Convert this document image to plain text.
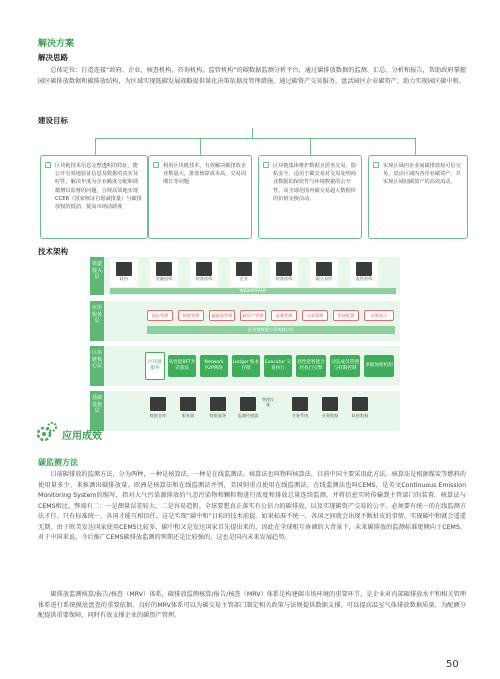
解决方案
解决思路
总体定位：打造连接“政府、企业、核查机构、咨询机构、监管机构”的碳数据监测分析平台，通过碳排放数据的监测、汇总、分析和报告，帮助政府掌握园区碳排放数据和碳排放结构，为区域实现低碳发展战略提供量化决策依据及管理措施，通过碳资产交易服务，盘活园区企业碳资产，助力实现园区碳中和。
建设目标
区块链技术信息完整透明的特征，能公开有效地验证信息及数据的真实及时性，解决年度为企业额度分配和调微增以监督的问题，合规高效地实现CCER（国家核证自愿减排量）与碳排放权的抵消，提高市场活跃度
利用区块链技术，有效解决碳排放企业数量大，排放核算成本高，交易周期长等问题
区块链集体维护数据且匿名交易，隐私安全，适用于碳交易对交易处理商业数据的保密性与环境数据的公开性，及全球范围内碳交易超大数据库的价值交换活动。
实现区域内企业间碳排放权可信交易，盘活区域内各企业碳资产，并实现区域间碳资产的高效流动。
技术架构
渠道接入层	政府	金融机构	核查机构	企业	核查机构	碳交易所	监管机构
WEB/APP/API
应用服务层
园区管理	核查管理	碳排放管理	碳资产管理	监测管理	交易管理	系统配置	决策展示
区块链数据与系统接口层
区块链核心层
区块链服务
高性能BFT共识算法
Network P2P网络
Ledger 账本存储
Executor 交易执行
高性能智能合约执行引擎
动态成员管理与权限控制
多级加密机制
基础设施层
数据仓库	服务器	数据服务	监测传感器
物理设施
业务系统	业务数据	政府数据
应用成效
碳监测方法
目前碳排放的监测方法，分为两种，一种是核算法，一种是在线监测法。核算法也叫物料核算法，目前中国主要采用此方法。核算法是根据煤炭等燃料的使用量多少，来推测出碳排放量。欧洲是核算法和在线监测法并列，美国则重点使用在线监测法。在线监测法也叫CEMS，是英文Continuous Emission Monitoring System的缩写，指对大气污染源排放的气态污染物和颗粒物进行浓度和排放总量连续监测，并将信息实时传输到主管部门的装置。核算法与CEMS相比，弊端有二：一是测量误差较大，二是容易造假。全球要想真正落实有公信力的碳排放，以及实现碳资产交易的公平，必须要有统一的在线监测方法才行。只有标准统一，各国才能互相信任。这是实现“碳中和”目标的技术前提。如果标准不统一，各国之间就会出现不断扯皮的事情，实现碳中和就会遥遥无期。由于欧美发达国家使用CEMS比较多，碳中和又是发达国家首先提出来的，因此在全球相互协调的大背景下，未来碳排放的监测标准更倾向于CEMS。对于中国来说，今后推广CEMS碳排放监测的预期还是比较强的，这也是国内未来发展趋势。
碳排放监测核算/报告/核查（MRV）体系，碳排放监测核算/报告/核查（MRV）体系是构建碳市场环境的重要环节，是企业对内部碳排放水平和相关管理体系进行系统摸底盘查的重要依据。良好的MRV体系可以为碳交易主管部门制定相关政策与法规提供数据支撑，可以提高温室气体排放数据质量，为配额分配提供重要保障，同时有效支撑企业的碳资产管理。
50
